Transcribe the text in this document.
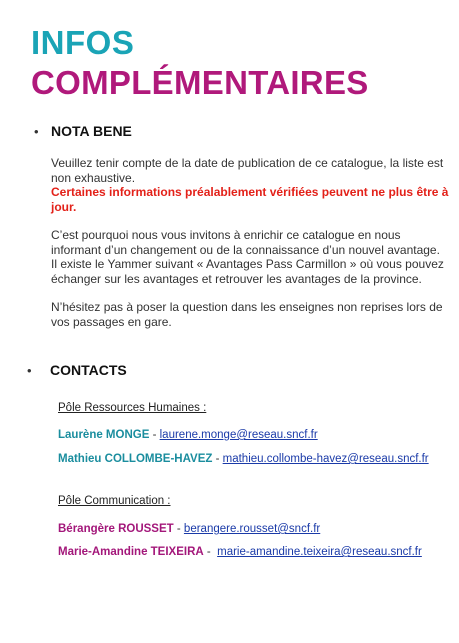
INFOS
COMPLÉMENTAIRES
• NOTA BENE
Veuillez tenir compte de la date de publication de ce catalogue, la liste est
non exhaustive.
Certaines informations préalablement vérifiées peuvent ne plus être à
jour.
C’est pourquoi nous vous invitons à enrichir ce catalogue en nous
informant d’un changement ou de la connaissance d’un nouvel avantage.
Il existe le Yammer suivant « Avantages Pass Carmillon » où vous pouvez
échanger sur les avantages et retrouver les avantages de la province.
N’hésitez pas à poser la question dans les enseignes non reprises lors de
vos passages en gare.
• CONTACTS
Pôle Ressources Humaines :
Laurène MONGE - laurene.monge@reseau.sncf.fr
Mathieu COLLOMBE-HAVEZ - mathieu.collombe-havez@reseau.sncf.fr
Pôle Communication :
Bérangère ROUSSET - berangere.rousset@sncf.fr
Marie-Amandine TEIXEIRA -  marie-amandine.teixeira@reseau.sncf.fr
